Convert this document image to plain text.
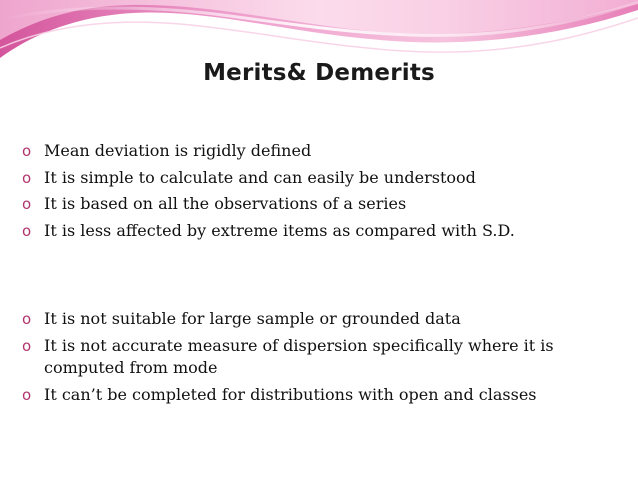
Merits& Demerits
o Mean deviation is rigidly defined
o It is simple to calculate and can easily be understood
o It is based on all the observations of a series
o It is less affected by extreme items as compared with S.D.
o It is not suitable for large sample or grounded data
o It is not accurate measure of dispersion specifically where it is computed from mode
o It can’t be completed for distributions with open and classes
